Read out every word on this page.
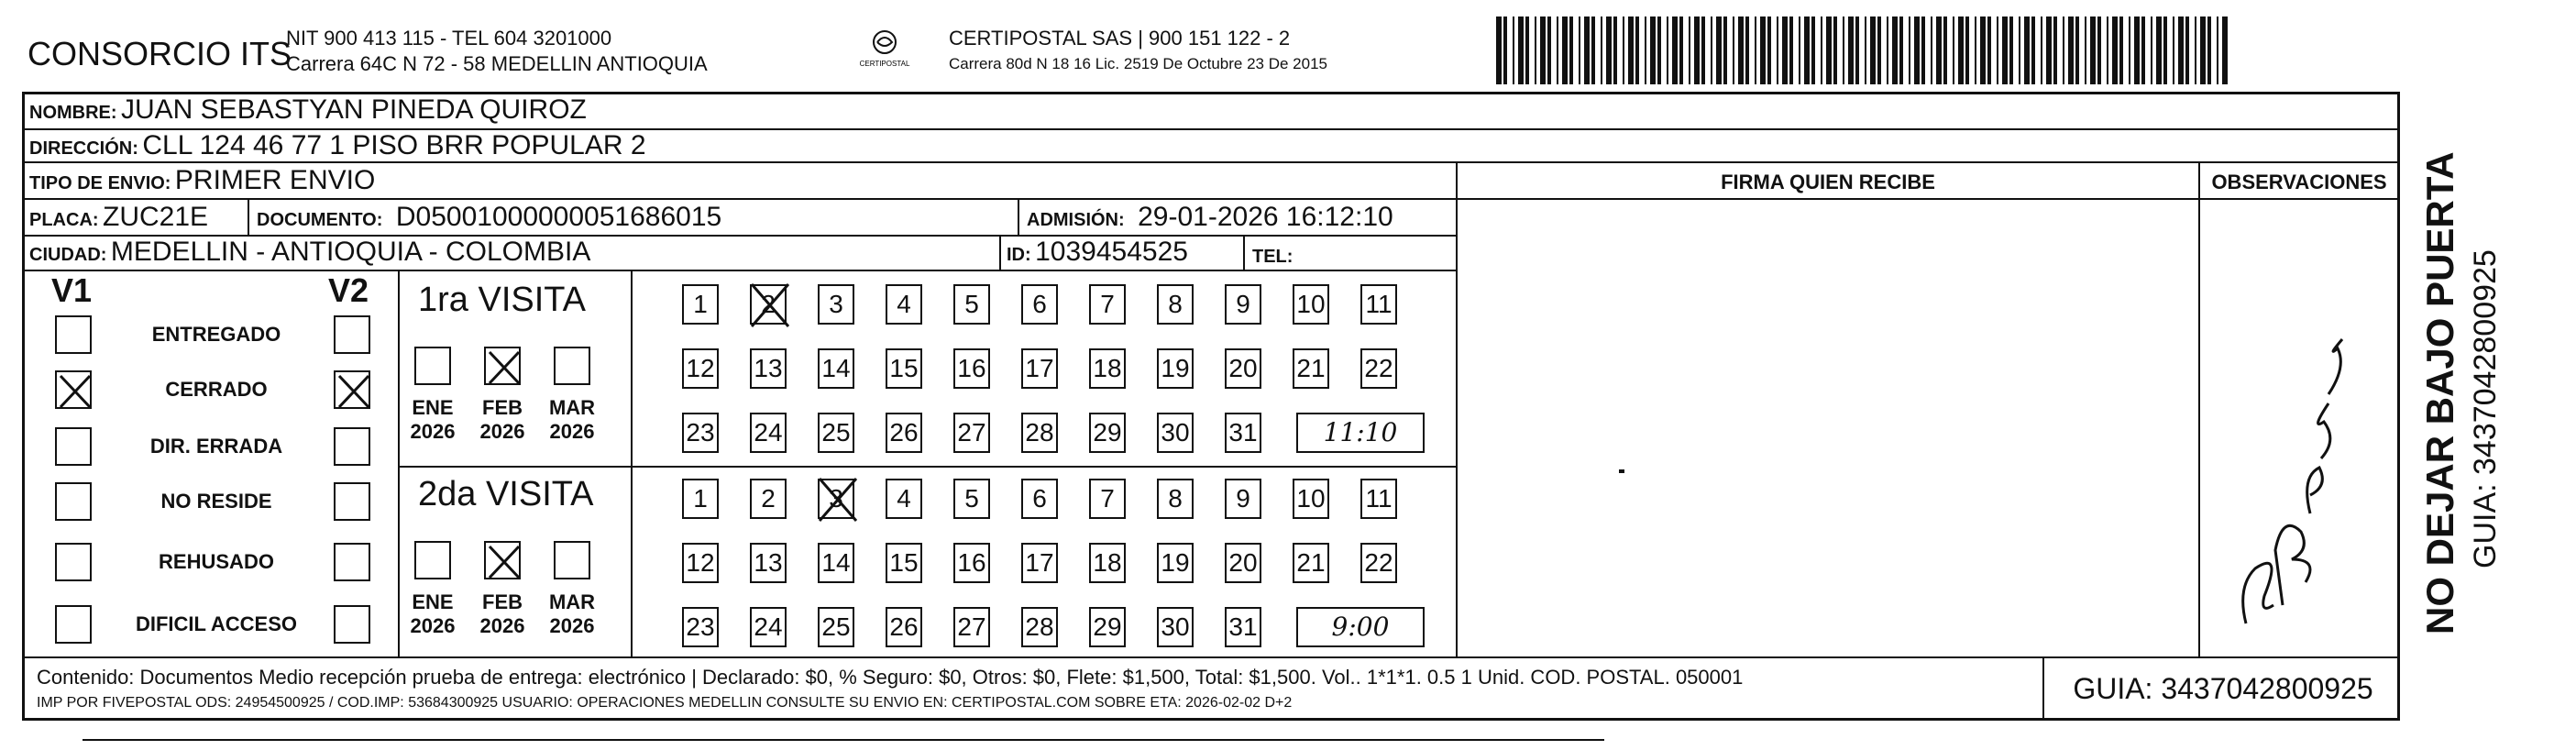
CONSORCIO ITS
NIT 900 413 115 - TEL 604 3201000
Carrera 64C N 72 - 58 MEDELLIN ANTIOQUIA	CERTIPOSTAL
CERTIPOSTAL SAS | 900 151 122 - 2
Carrera 80d N 18 16 Lic. 2519 De Octubre 23 De 2015
NOMBRE: JUAN SEBASTYAN PINEDA QUIROZ
DIRECCIÓN: CLL 124 46 77 1 PISO BRR POPULAR 2
TIPO DE ENVIO: PRIMER ENVIO
PLACA: ZUC21E	DOCUMENTO: D05001000000051686015	ADMISIÓN: 29-01-2026 16:12:10
CIUDAD: MEDELLIN - ANTIOQUIA - COLOMBIA	ID: 1039454525	TEL:
FIRMA QUIEN RECIBE	OBSERVACIONES
V1	V2
ENTREGADO
CERRADO
DIR. ERRADA
NO RESIDE
REHUSADO
DIFICIL ACCESO
1ra VISITA
ENE
2026
FEB
2026
MAR
2026
1	2	3	4	5	6	7	8	9	10 11
12 13 14 15 16 17 18 19 20 21 22
23 24 25 26 27 28 29 30 31	11:10
2da VISITA
ENE
2026
FEB
2026
MAR
2026
1	2	3	4	5	6	7	8	9	10 11
12 13 14 15 16 17 18 19 20 21 22
23 24 25 26 27 28 29 30 31	9:00
Contenido: Documentos Medio recepción prueba de entrega: electrónico | Declarado: $0, % Seguro: $0, Otros: $0, Flete: $1,500, Total: $1,500. Vol.. 1*1*1. 0.5 1 Unid. COD. POSTAL. 050001
IMP POR FIVEPOSTAL ODS: 24954500925 / COD.IMP: 53684300925 USUARIO: OPERACIONES MEDELLIN CONSULTE SU ENVIO EN: CERTIPOSTAL.COM SOBRE ETA: 2026-02-02 D+2	GUIA: 3437042800925
NO DEJAR BAJO PUERTA GUIA: 3437042800925
